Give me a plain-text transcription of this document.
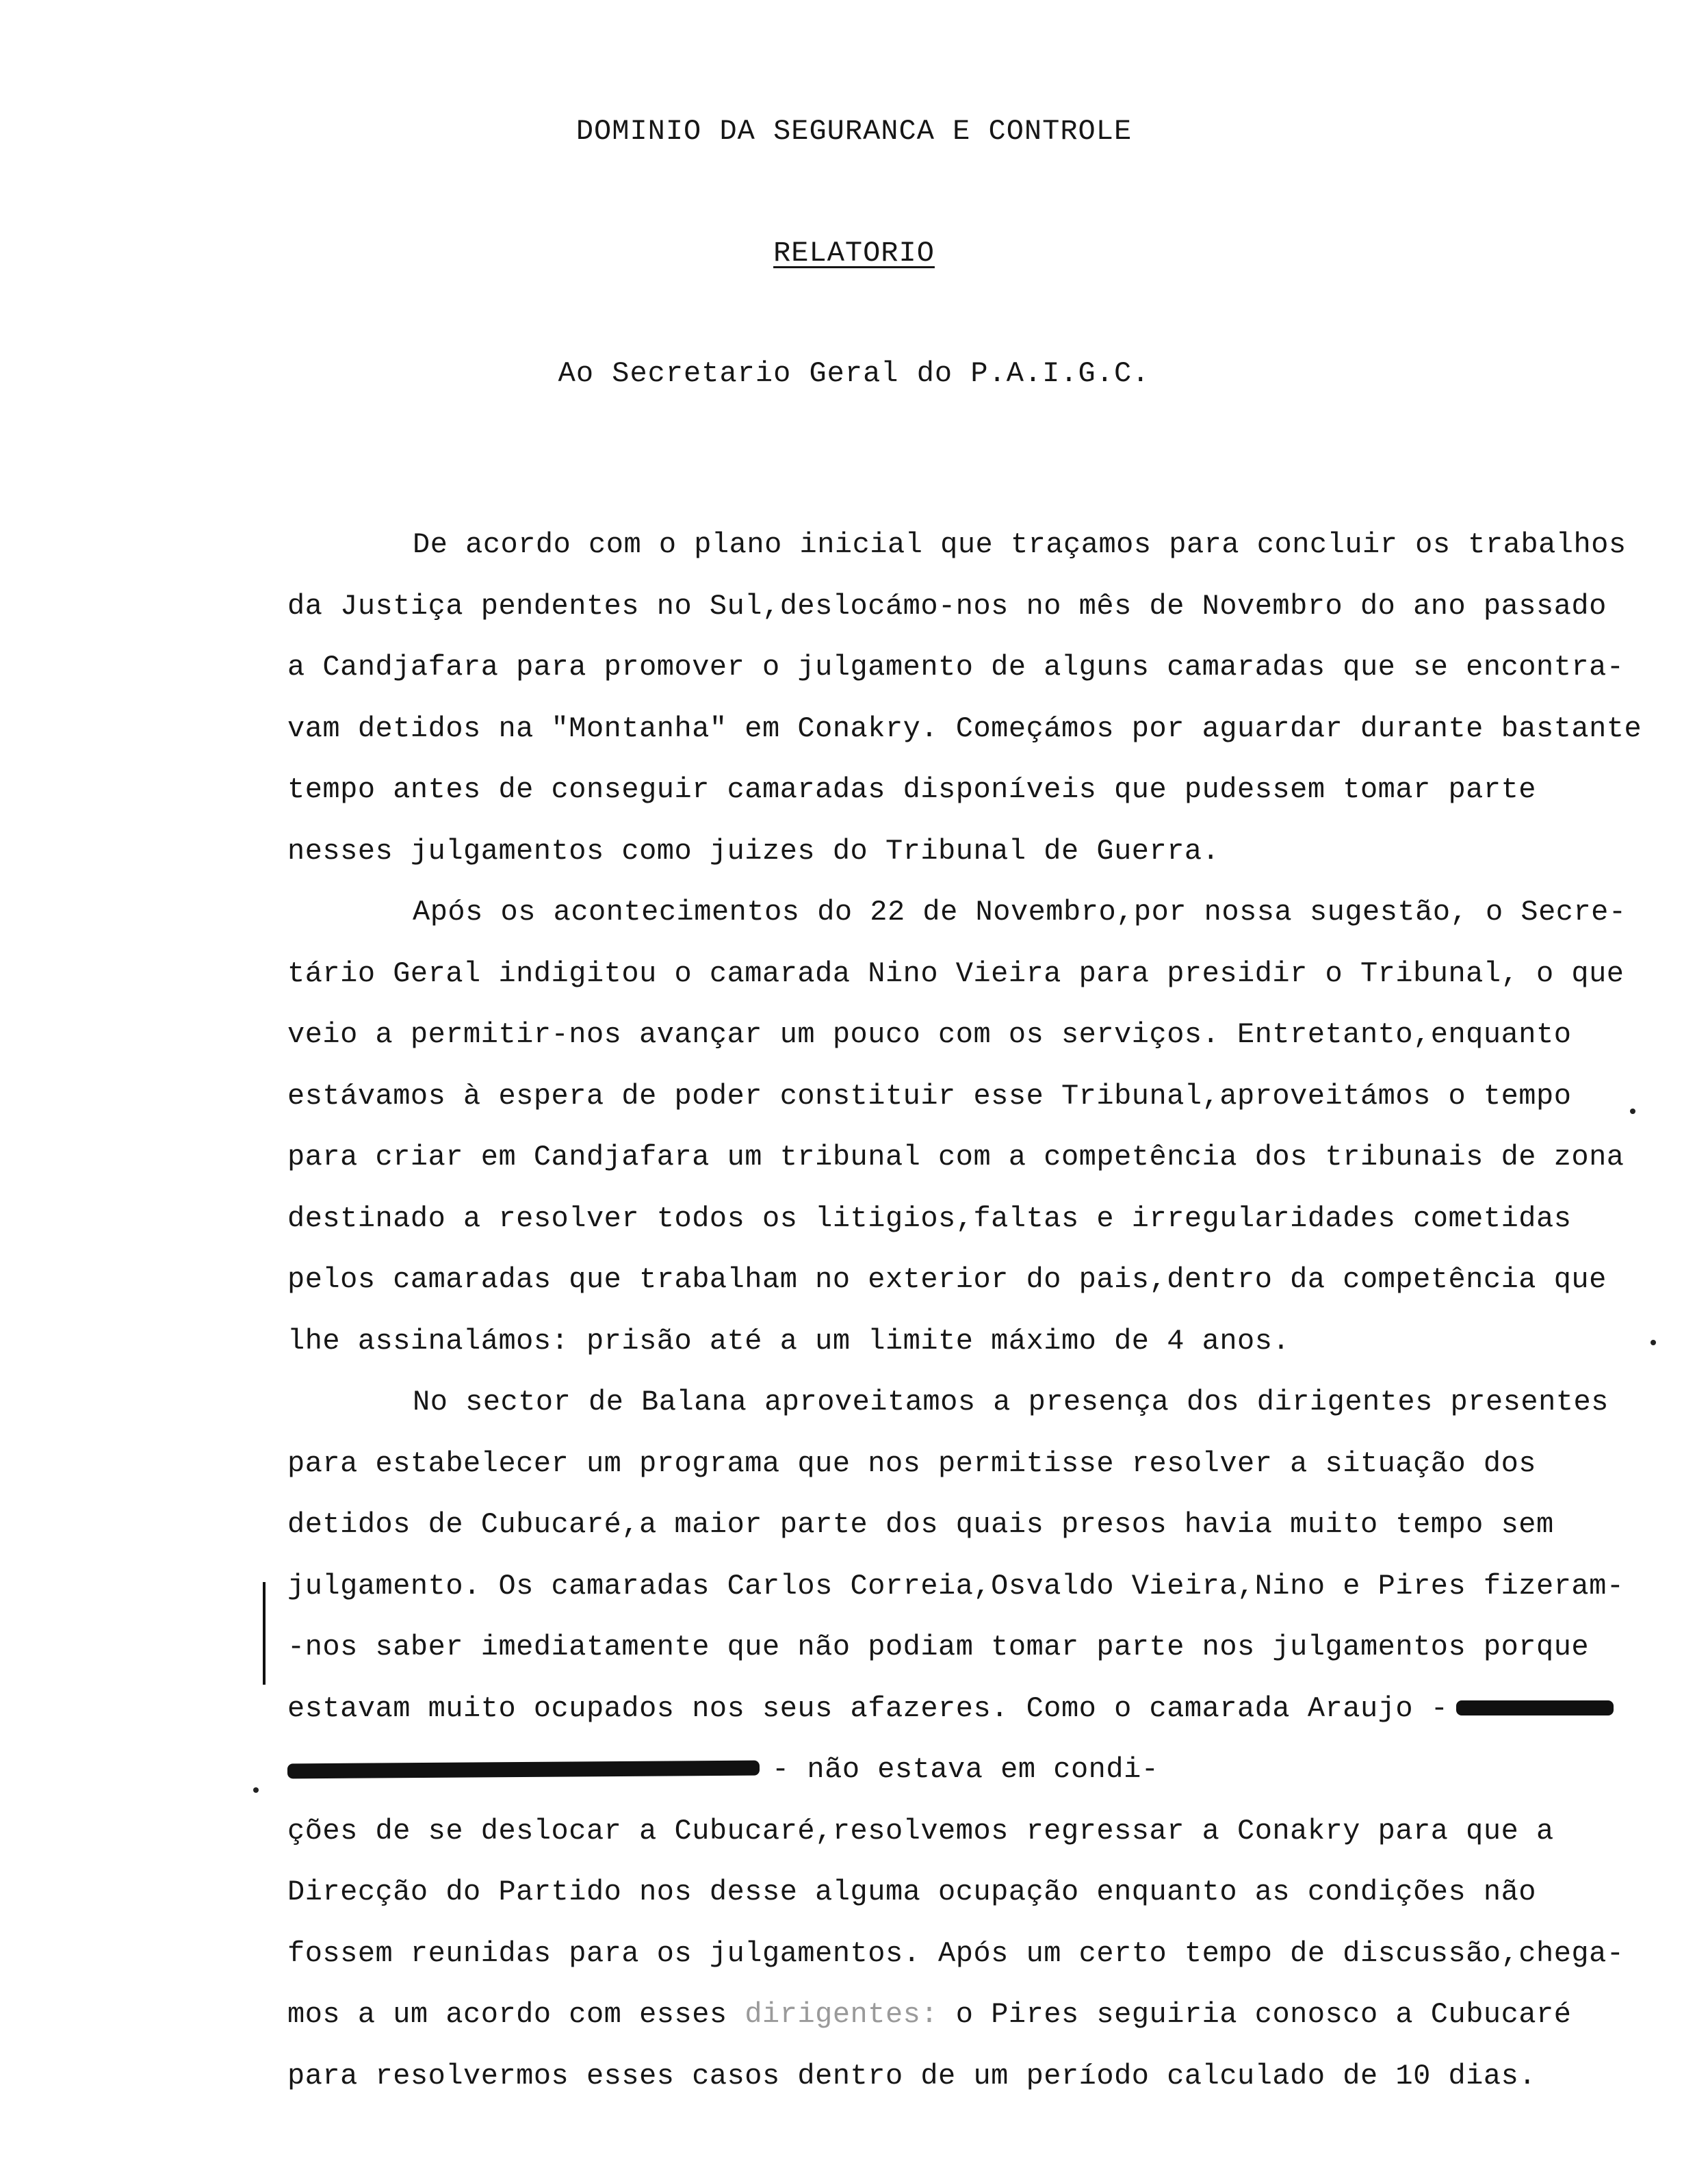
DOMINIO DA SEGURANCA E CONTROLE
RELATORIO
Ao Secretario Geral do P.A.I.G.C.
De acordo com o plano inicial que traçamos para concluir os trabalhos
da Justiça pendentes no Sul,deslocámo-nos no mês de Novembro do ano passado
a Candjafara para promover o julgamento de alguns camaradas que se encontra-
vam detidos na "Montanha" em Conakry. Começámos por aguardar durante bastante
tempo antes de conseguir camaradas disponíveis que pudessem tomar parte
nesses julgamentos como juizes do Tribunal de Guerra.
Após os acontecimentos do 22 de Novembro,por nossa sugestão, o Secre-
tário Geral indigitou o camarada Nino Vieira para presidir o Tribunal, o que
veio a permitir-nos avançar um pouco com os serviços. Entretanto,enquanto
estávamos à espera de poder constituir esse Tribunal,aproveitámos o tempo
para criar em Candjafara um tribunal com a competência dos tribunais de zona
destinado a resolver todos os litigios,faltas e irregularidades cometidas
pelos camaradas que trabalham no exterior do pais,dentro da competência que
lhe assinalámos: prisão até a um limite máximo de 4 anos.
No sector de Balana aproveitamos a presença dos dirigentes presentes
para estabelecer um programa que nos permitisse resolver a situação dos
detidos de Cubucaré,a maior parte dos quais presos havia muito tempo sem
julgamento. Os camaradas Carlos Correia,Osvaldo Vieira,Nino e Pires fizeram-
-nos saber imediatamente que não podiam tomar parte nos julgamentos porque
estavam muito ocupados nos seus afazeres. Como o camarada Araujo -
- não estava em condi-
ções de se deslocar a Cubucaré,resolvemos regressar a Conakry para que a
Direcção do Partido nos desse alguma ocupação enquanto as condições não
fossem reunidas para os julgamentos. Após um certo tempo de discussão,chega-
mos a um acordo com esses dirigentes: o Pires seguiria conosco a Cubucaré
para resolvermos esses casos dentro de um período calculado de 10 dias.
